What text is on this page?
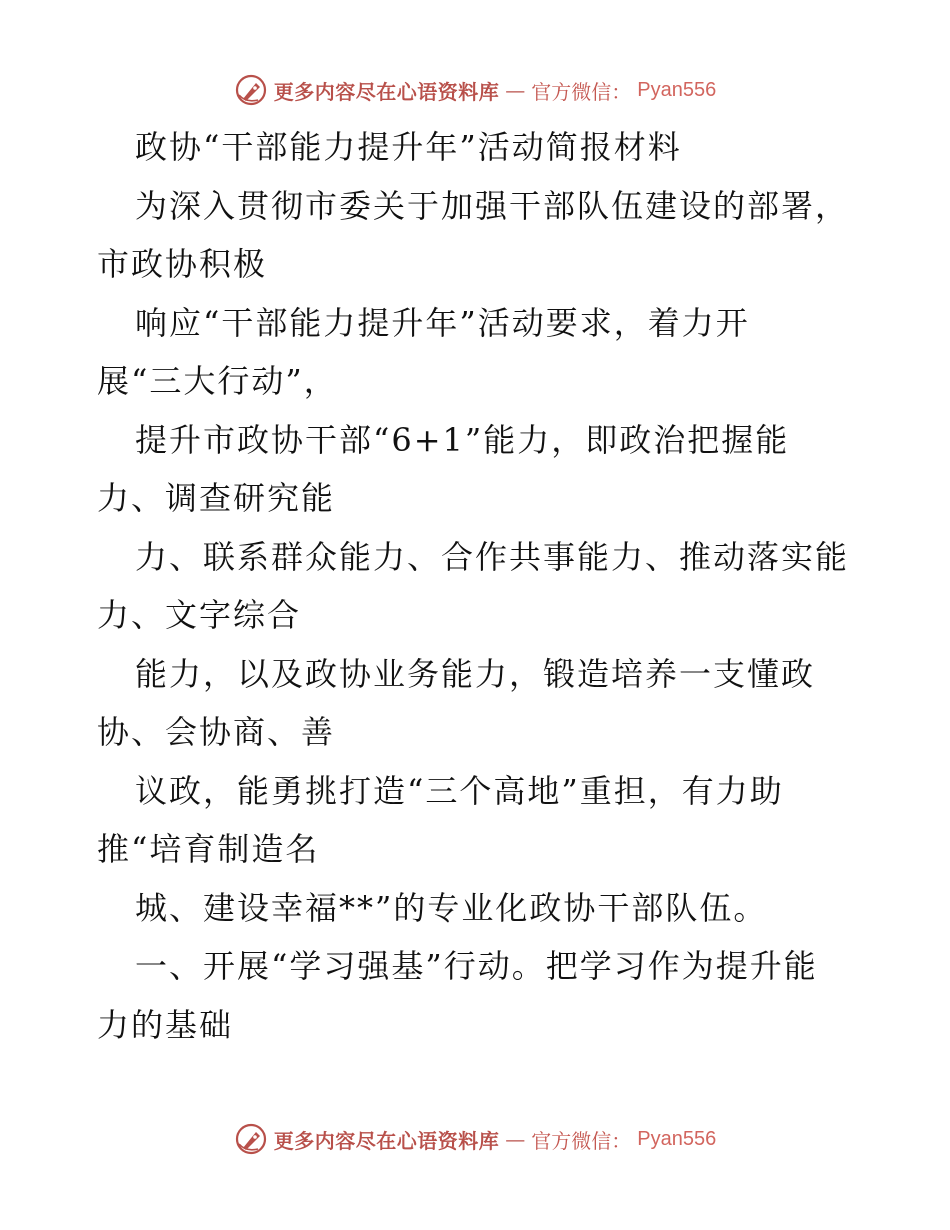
更多内容尽在心语资料库 — 官方微信： Pyan556
政协“干部能力提升年”活动简报材料
为深入贯彻市委关于加强干部队伍建设的部署，
市政协积极
响应“干部能力提升年”活动要求，着力开
展“三大行动”，
提升市政协干部“6+1”能力，即政治把握能
力、调查研究能
力、联系群众能力、合作共事能力、推动落实能
力、文字综合
能力，以及政协业务能力，锻造培养一支懂政
协、会协商、善
议政，能勇挑打造“三个高地”重担，有力助
推“培育制造名
城、建设幸福**”的专业化政协干部队伍。
一、开展“学习强基”行动。把学习作为提升能
力的基础
更多内容尽在心语资料库 — 官方微信： Pyan556
